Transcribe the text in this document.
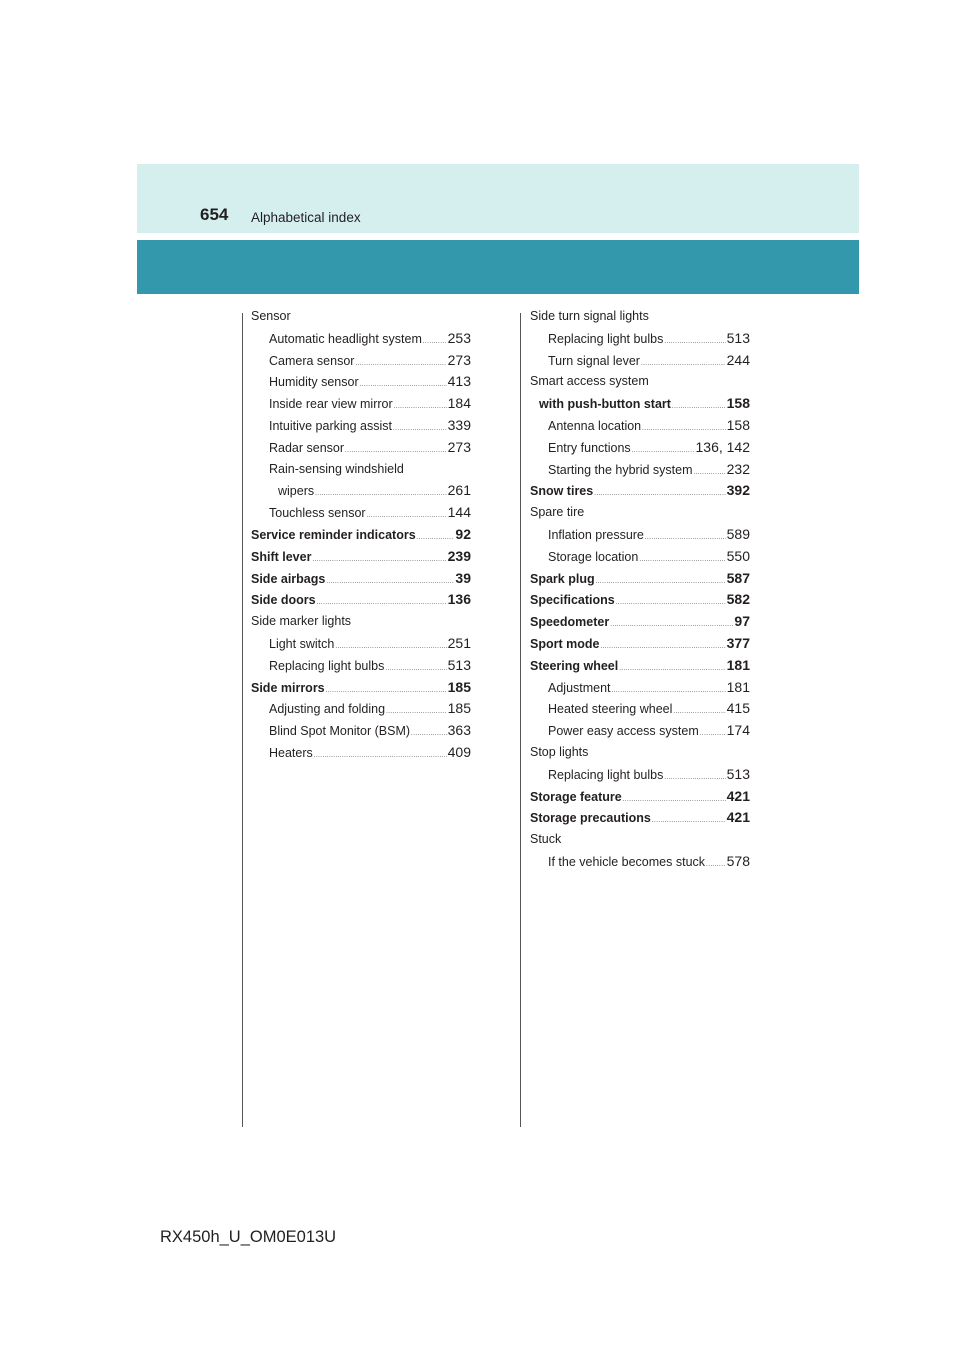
654 Alphabetical index
Sensor
Automatic headlight system ..... 253
Camera sensor .....	273
Humidity sensor .....	413
Inside rear view mirror .....	184
Intuitive parking assist .....	339
Radar sensor .....	273
Rain-sensing windshield
wipers .....	261
Touchless sensor .....	144
Service reminder indicators .....	92
Shift lever .....	239
Side airbags .....	39
Side doors .....	136
Side marker lights
Light switch .....	251
Replacing light bulbs .....	513
Side mirrors .....	185
Adjusting and folding .....	185
Blind Spot Monitor (BSM) .....	363
Heaters .....	409
Side turn signal lights
Replacing light bulbs .....	513
Turn signal lever .....	244
Smart access system
with push-button start .....	158
Antenna location .....	158
Entry functions .....	136, 142
Starting the hybrid system ..... 232
Snow tires .....	392
Spare tire
Inflation pressure .....	589
Storage location .....	550
Spark plug .....	587
Specifications .....	582
Speedometer .....	97
Sport mode .....	377
Steering wheel .....	181
Adjustment .....	181
Heated steering wheel .....	415
Power easy access system ..... 174
Stop lights
Replacing light bulbs .....	513
Storage feature .....	421
Storage precautions .....	421
Stuck
If the vehicle becomes stuck ..... 578
RX450h_U_OM0E013U
